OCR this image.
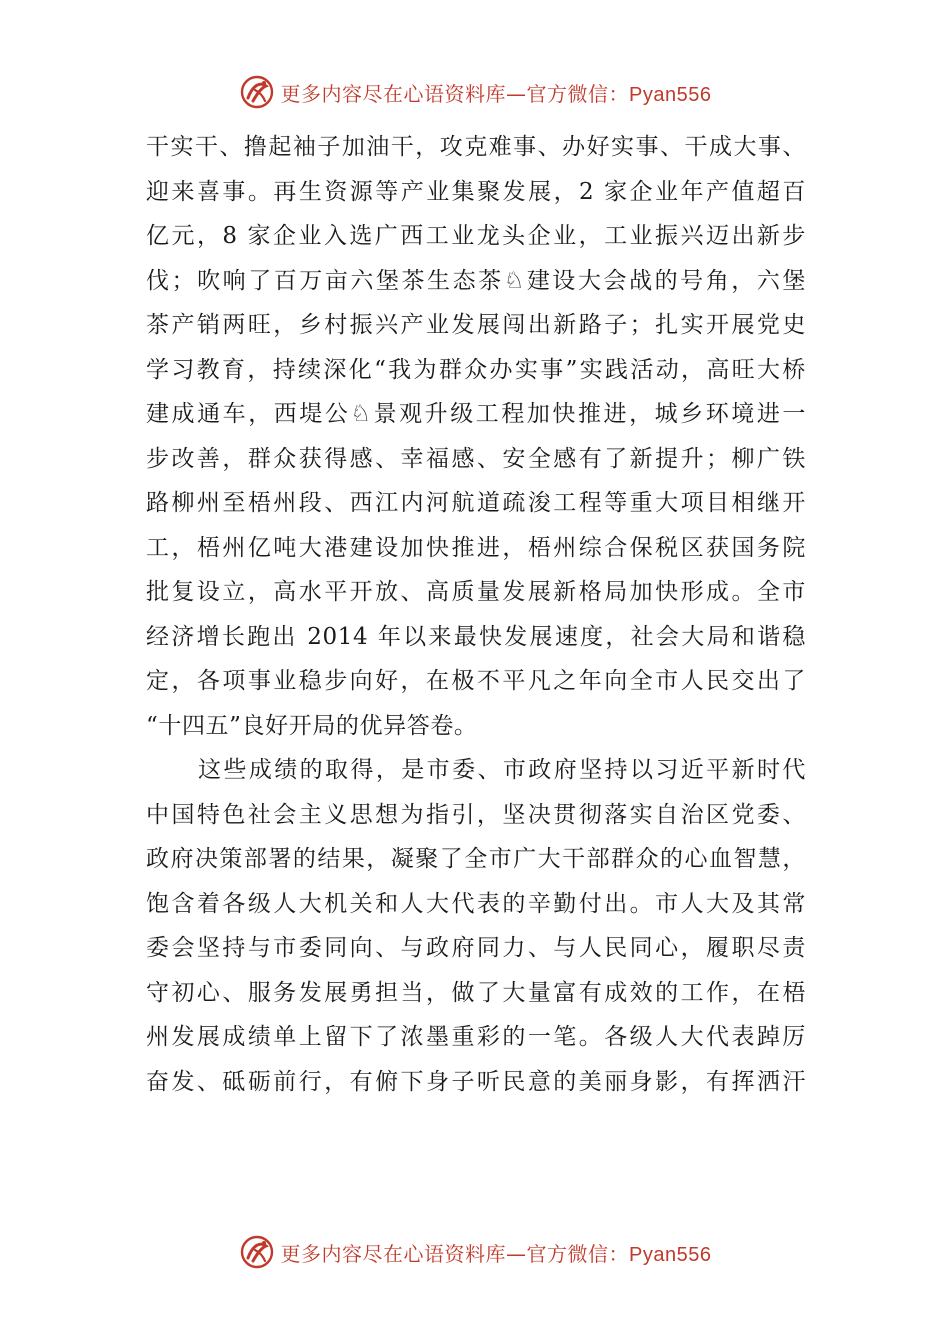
更多内容尽在心语资料库—官方微信：Pyan556
干实干、撸起袖子加油干，攻克难事、办好实事、干成大事、
迎来喜事。再生资源等产业集聚发展，2 家企业年产值超百
亿元，8 家企业入选广西工业龙头企业，工业振兴迈出新步
伐；吹响了百万亩六堡茶生态茶♘建设大会战的号角，六堡
茶产销两旺，乡村振兴产业发展闯出新路子；扎实开展党史
学习教育，持续深化“我为群众办实事”实践活动，高旺大桥
建成通车，西堤公♘景观升级工程加快推进，城乡环境进一
步改善，群众获得感、幸福感、安全感有了新提升；柳广铁
路柳州至梧州段、西江内河航道疏浚工程等重大项目相继开
工，梧州亿吨大港建设加快推进，梧州综合保税区获国务院
批复设立，高水平开放、高质量发展新格局加快形成。全市
经济增长跑出 2014 年以来最快发展速度，社会大局和谐稳
定，各项事业稳步向好，在极不平凡之年向全市人民交出了
“十四五”良好开局的优异答卷。
这些成绩的取得，是市委、市政府坚持以习近平新时代
中国特色社会主义思想为指引，坚决贯彻落实自治区党委、
政府决策部署的结果，凝聚了全市广大干部群众的心血智慧，
饱含着各级人大机关和人大代表的辛勤付出。市人大及其常
委会坚持与市委同向、与政府同力、与人民同心，履职尽责
守初心、服务发展勇担当，做了大量富有成效的工作，在梧
州发展成绩单上留下了浓墨重彩的一笔。各级人大代表踔厉
奋发、砥砺前行，有俯下身子听民意的美丽身影，有挥洒汗
更多内容尽在心语资料库—官方微信：Pyan556
